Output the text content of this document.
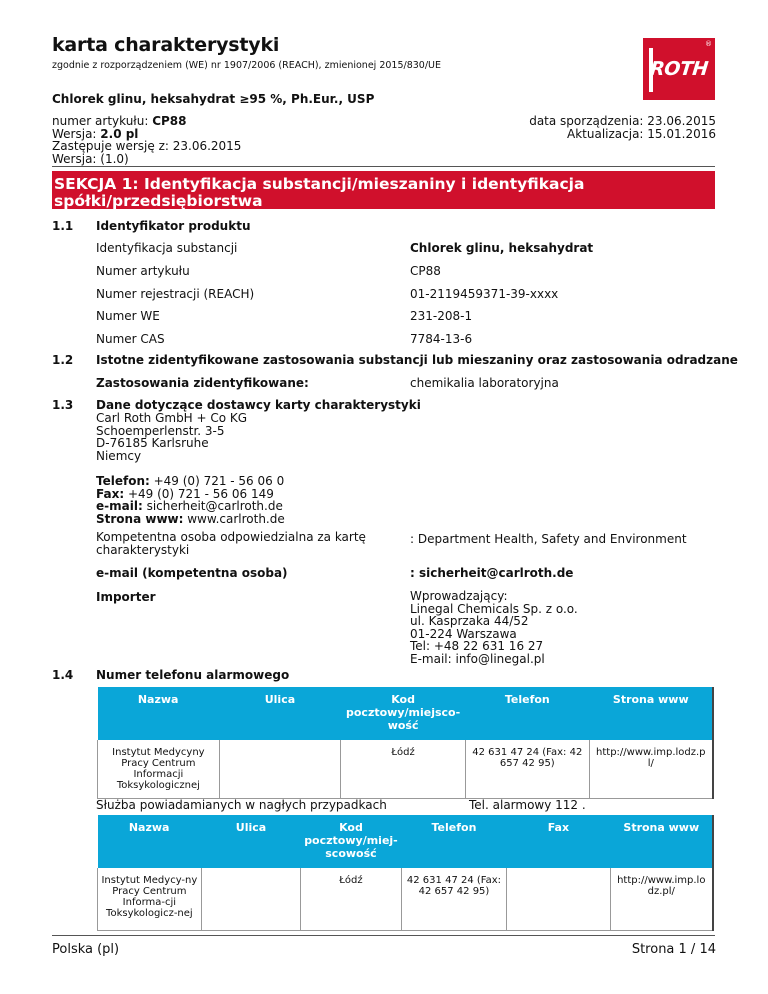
karta charakterystyki
zgodnie z rozporządzeniem (WE) nr 1907/2006 (REACH), zmienionej 2015/830/UE	ROTH
®
Chlorek glinu, heksahydrat ≥95 %, Ph.Eur., USP
numer artykułu: CP88
Wersja: 2.0 pl
Zastępuje wersję z: 23.06.2015
Wersja: (1.0)
data sporządzenia: 23.06.2015
Aktualizacja: 15.01.2016
SEKCJA 1: Identyfikacja substancji/mieszaniny i identyfikacja
spółki/przedsiębiorstwa
1.1 Identyfikator produktu
Identyfikacja substancji	Chlorek glinu, heksahydrat
Numer artykułu	CP88
Numer rejestracji (REACH)	01-2119459371-39-xxxx
Numer WE	231-208-1
Numer CAS	7784-13-6
1.2 Istotne zidentyfikowane zastosowania substancji lub mieszaniny oraz zastosowania odradzane
Zastosowania zidentyfikowane:	chemikalia laboratoryjna
1.3 Dane dotyczące dostawcy karty charakterystyki
Carl Roth GmbH + Co KG
Schoemperlenstr. 3-5
D-76185 Karlsruhe
Niemcy
Telefon: +49 (0) 721 - 56 06 0
Fax: +49 (0) 721 - 56 06 149
e-mail: sicherheit@carlroth.de
Strona www: www.carlroth.de
Kompetentna osoba odpowiedzialna za kartę
charakterystyki
: Department Health, Safety and Environment
e-mail (kompetentna osoba)	: sicherheit@carlroth.de
Importer	Wprowadzający:
Linegal Chemicals Sp. z o.o.
ul. Kasprzaka 44/52
01-224 Warszawa
Tel: +48 22 631 16 27
E-mail: info@linegal.pl
1.4 Numer telefonu alarmowego
Nazwa	Ulica	Kod pocztowy/miejsco-wość	Telefon	Strona www
Instytut Medycyny Pracy Centrum Informacji Toksykologicznej		Łódź	42 631 47 24 (Fax: 42 657 42 95)	http://www.imp.lodz.p l/
Służba powiadamianych w nagłych przypadkach	Tel. alarmowy 112 .
Nazwa	Ulica	Kod pocztowy/miej-scowość	Telefon	Fax	Strona www
Instytut Medycy-ny Pracy Centrum Informa-cji Toksykologicz-nej		Łódź	42 631 47 24 (Fax: 42 657 42 95)		http://www.imp.lo dz.pl/
Polska (pl)	Strona 1 / 14
